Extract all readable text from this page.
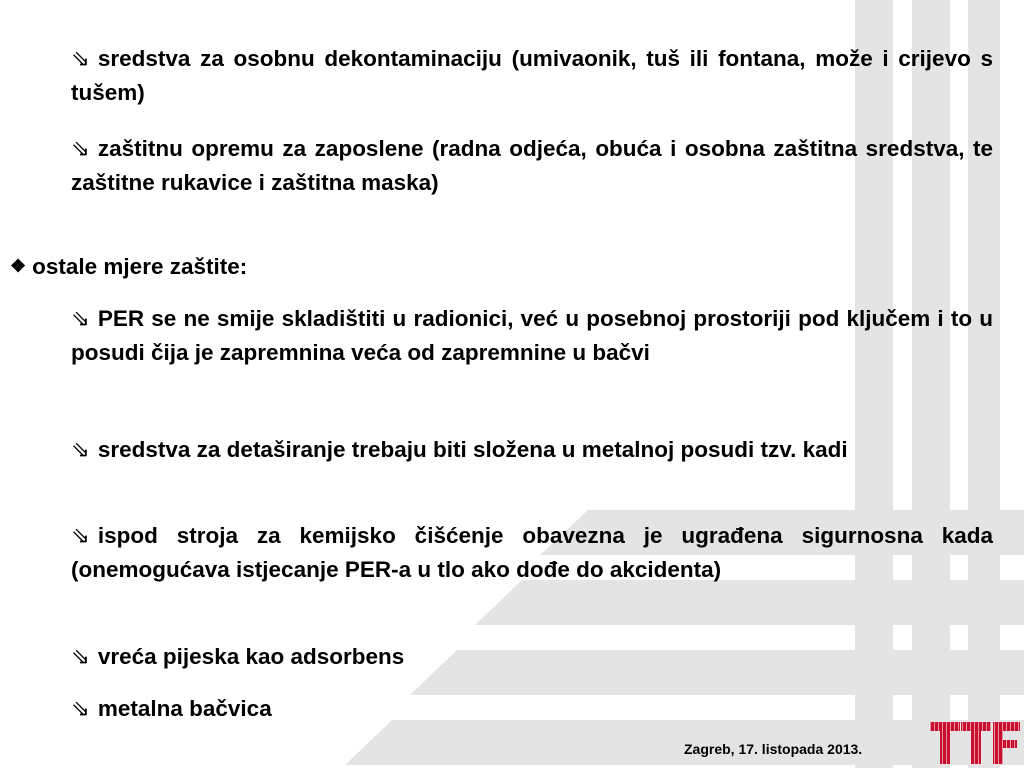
⇘ sredstva za osobnu dekontaminaciju (umivaonik, tuš ili fontana, može i crijevo s tušem)
⇘ zaštitnu opremu za zaposlene (radna odjeća, obuća i osobna zaštitna sredstva, te zaštitne rukavice i zaštitna maska)
❖ ostale mjere zaštite:
⇘ PER se ne smije skladištiti u radionici, već u posebnoj prostoriji pod ključem i to u posudi čija je zapremnina veća od zapremnine u bačvi
⇘ sredstva za detaširanje trebaju biti složena u metalnoj posudi tzv. kadi
⇘ ispod stroja za kemijsko čišćenje obavezna je ugrađena sigurnosna kada (onemogućava istjecanje PER-a u tlo ako dođe do akcidenta)
⇘ vreća pijeska kao adsorbens
⇘ metalna bačvica
Zagreb, 17. listopada 2013.
